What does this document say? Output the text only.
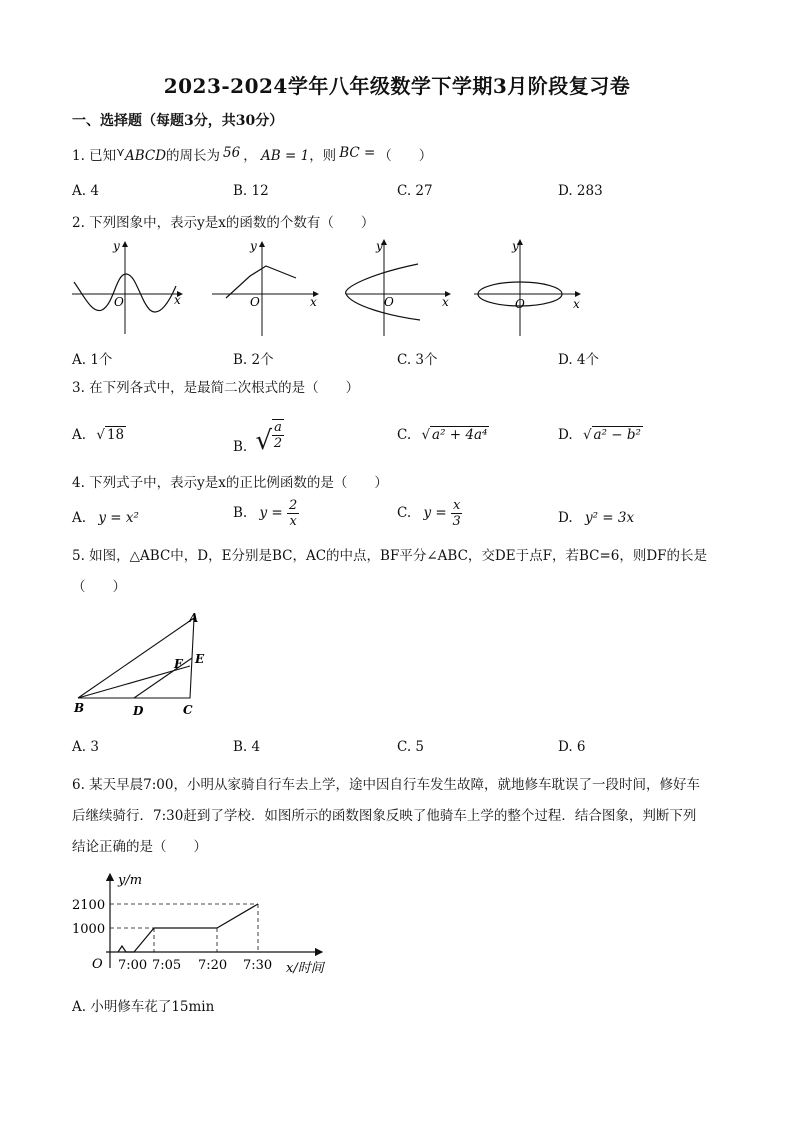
2023-2024学年八年级数学下学期3月阶段复习卷
一、选择题（每题3分，共30分）
1. 已知⋎ABCD的周长为 56 ， AB = 1，则 BC = （　　）
A. 4	B. 12	C. 27	D. 283
2. 下列图象中，表示y是x的函数的个数有（　　）
y
x
O
y
x
O
y
x
O
y
x
O
A. 1个	B. 2个	C. 3个	D. 4个
3. 在下列各式中，是最简二次根式的是（　　）
A. √ 18
B. √ $\frac{a}{2}$	C. √ a² + 4a⁴	D. √ a² − b²
4. 下列式子中，表示y是x的正比例函数的是（　　）
A. y = x²	B. $y = \frac{2}{x}$	C. $y = \frac{x}{3}$	D. y² = 3x
5. 如图，△ABC中，D，E分别是BC，AC的中点，BF平分∠ABC，交DE于点F，若BC=6，则DF的长是
（　　）
A
B	C
D
E
F
A. 3	B. 4	C. 5	D. 6
6. 某天早晨7:00，小明从家骑自行车去上学，途中因自行车发生故障，就地修车耽误了一段时间，修好车
后继续骑行．7:30赶到了学校．如图所示的函数图象反映了他骑车上学的整个过程．结合图象，判断下列
结论正确的是（　　）
y/m
x/时间
O
2100
1000
7:00 7:05 7:20 7:30
A. 小明修车花了15min
